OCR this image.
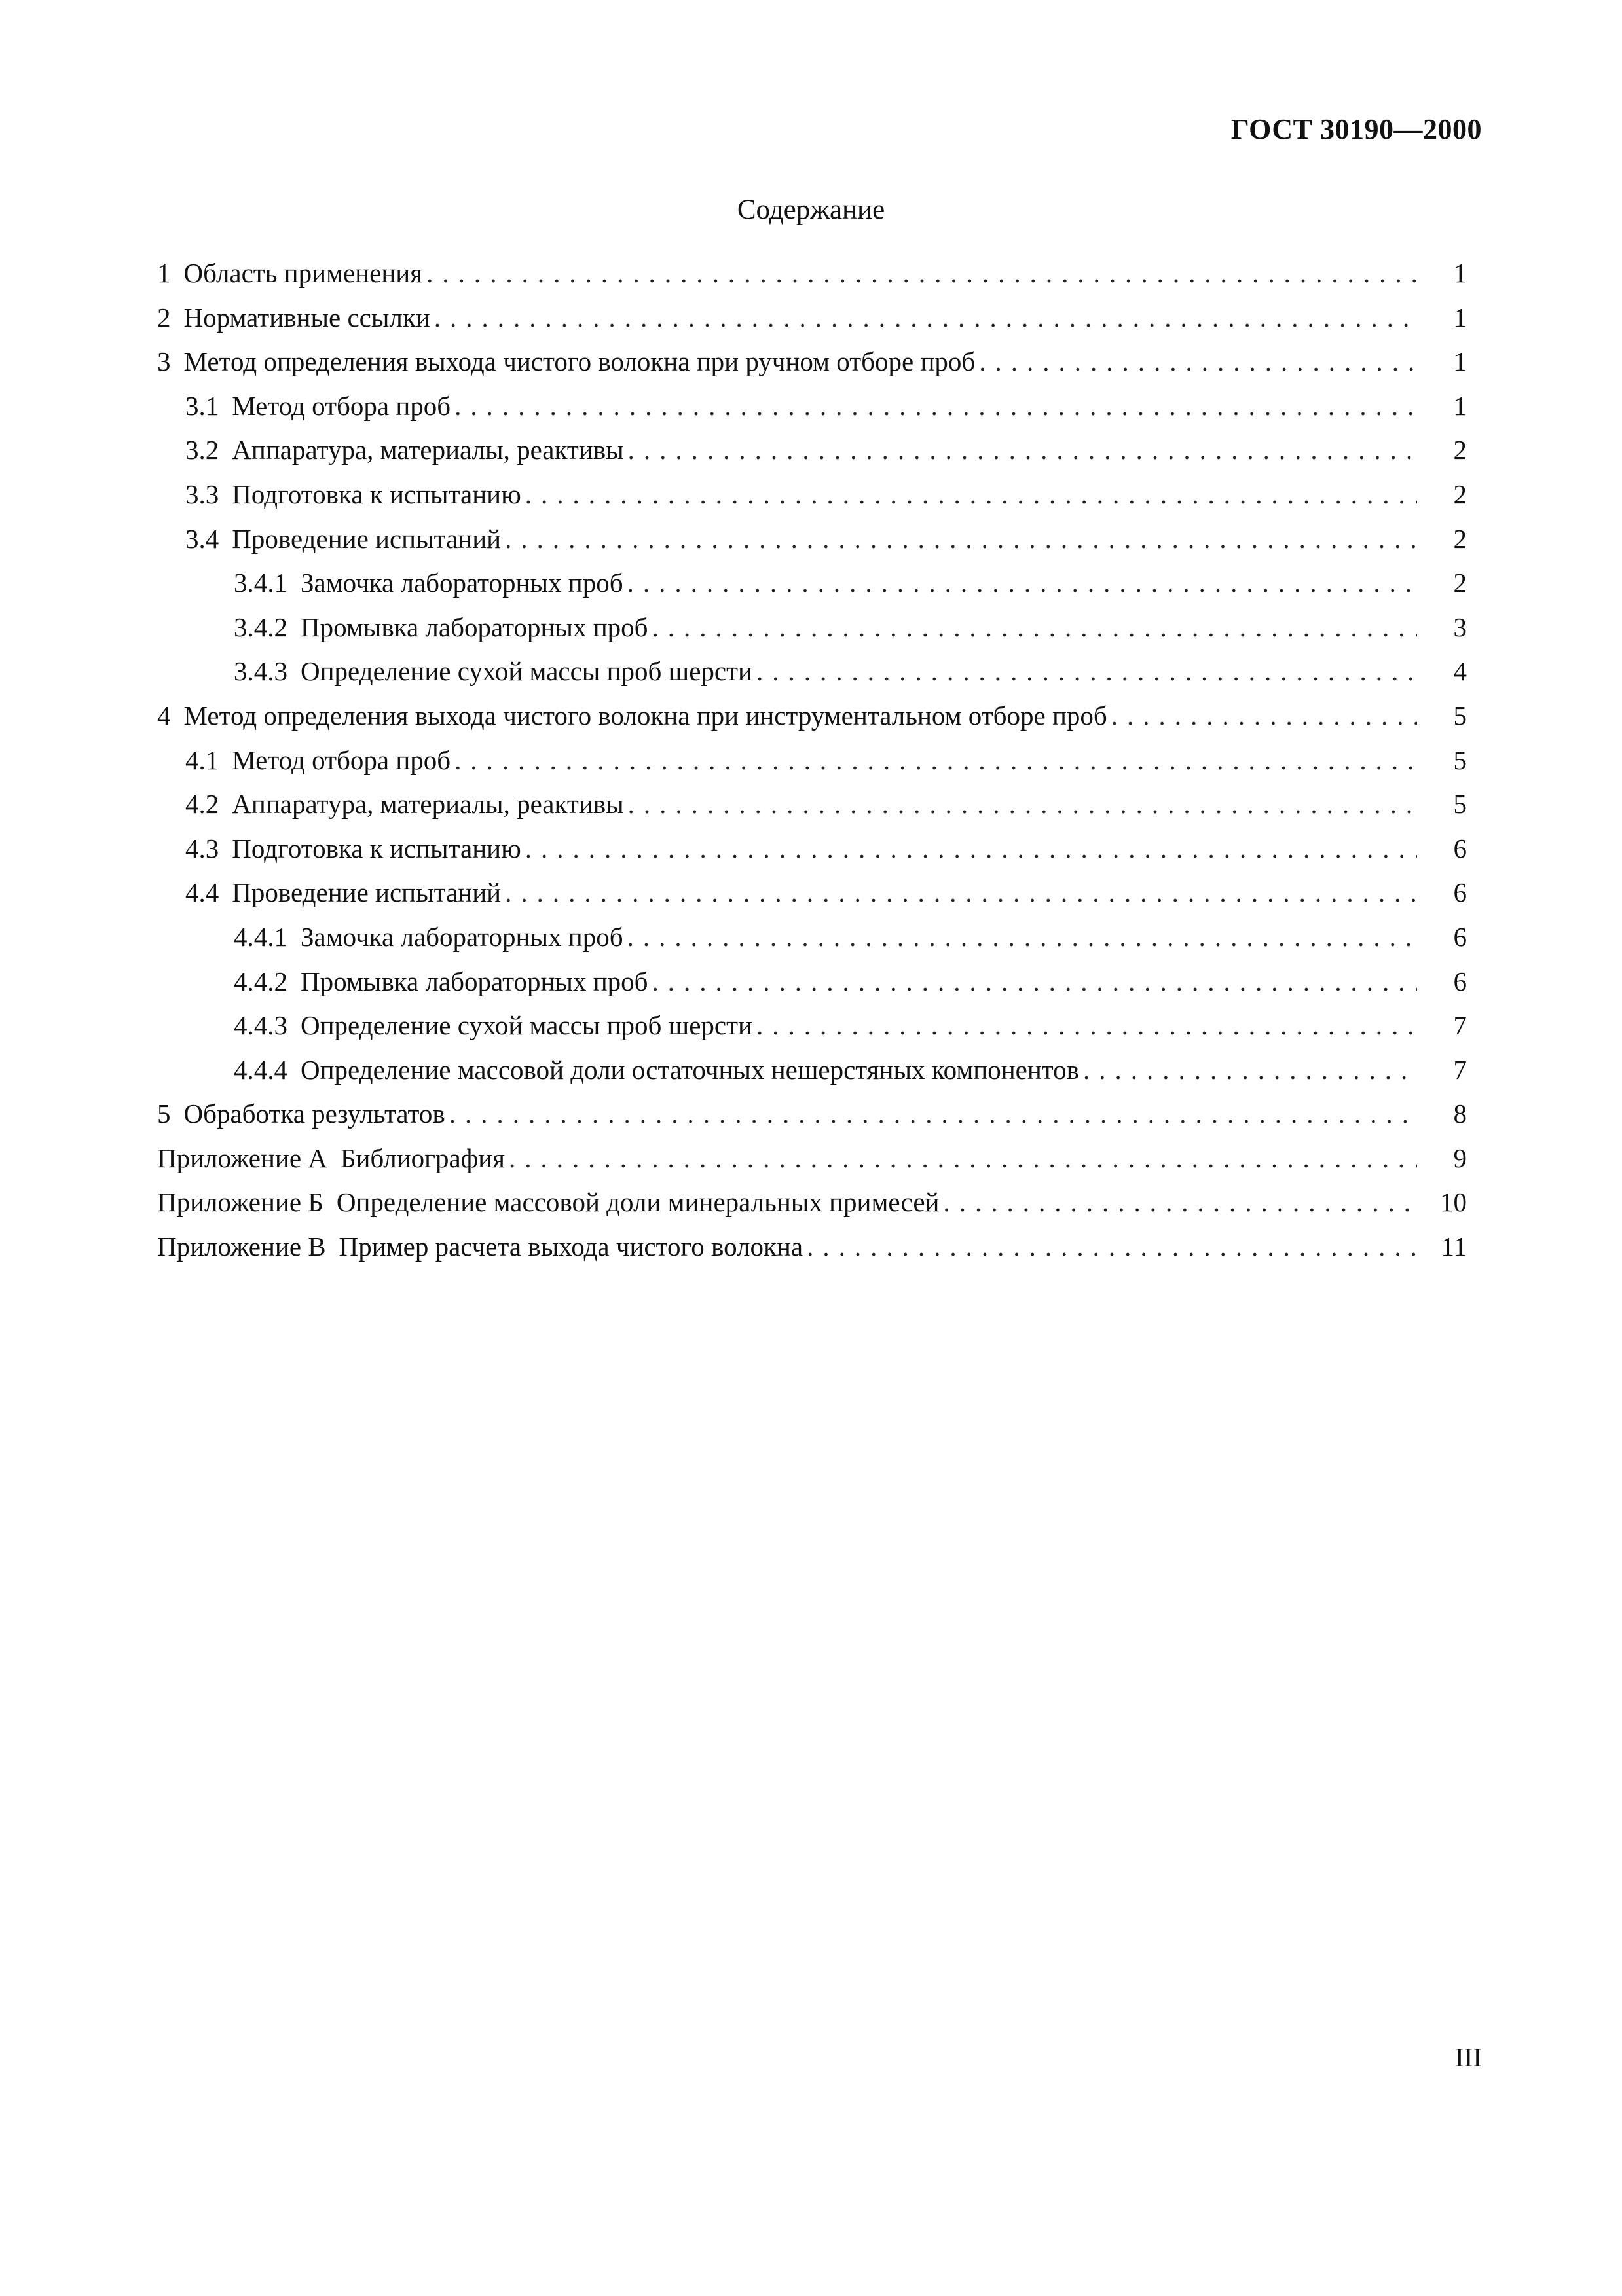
ГОСТ 30190—2000
Содержание
1 Область применения .....	1
2 Нормативные ссылки .....	1
3 Метод определения выхода чистого волокна при ручном отборе проб .....	1
3.1 Метод отбора проб .....	1
3.2 Аппаратура, материалы, реактивы .....	2
3.3 Подготовка к испытанию .....	2
3.4 Проведение испытаний .....	2
3.4.1 Замочка лабораторных проб .....	2
3.4.2 Промывка лабораторных проб .....	3
3.4.3 Определение сухой массы проб шерсти .....	4
4 Метод определения выхода чистого волокна при инструментальном отборе проб .....	5
4.1 Метод отбора проб .....	5
4.2 Аппаратура, материалы, реактивы .....	5
4.3 Подготовка к испытанию .....	6
4.4 Проведение испытаний .....	6
4.4.1 Замочка лабораторных проб .....	6
4.4.2 Промывка лабораторных проб .....	6
4.4.3 Определение сухой массы проб шерсти .....	7
4.4.4 Определение массовой доли остаточных нешерстяных компонентов .....	7
5 Обработка результатов .....	8
Приложение А Библиография .....	9
Приложение Б Определение массовой доли минеральных примесей .....	10
Приложение В Пример расчета выхода чистого волокна .....	11
III
